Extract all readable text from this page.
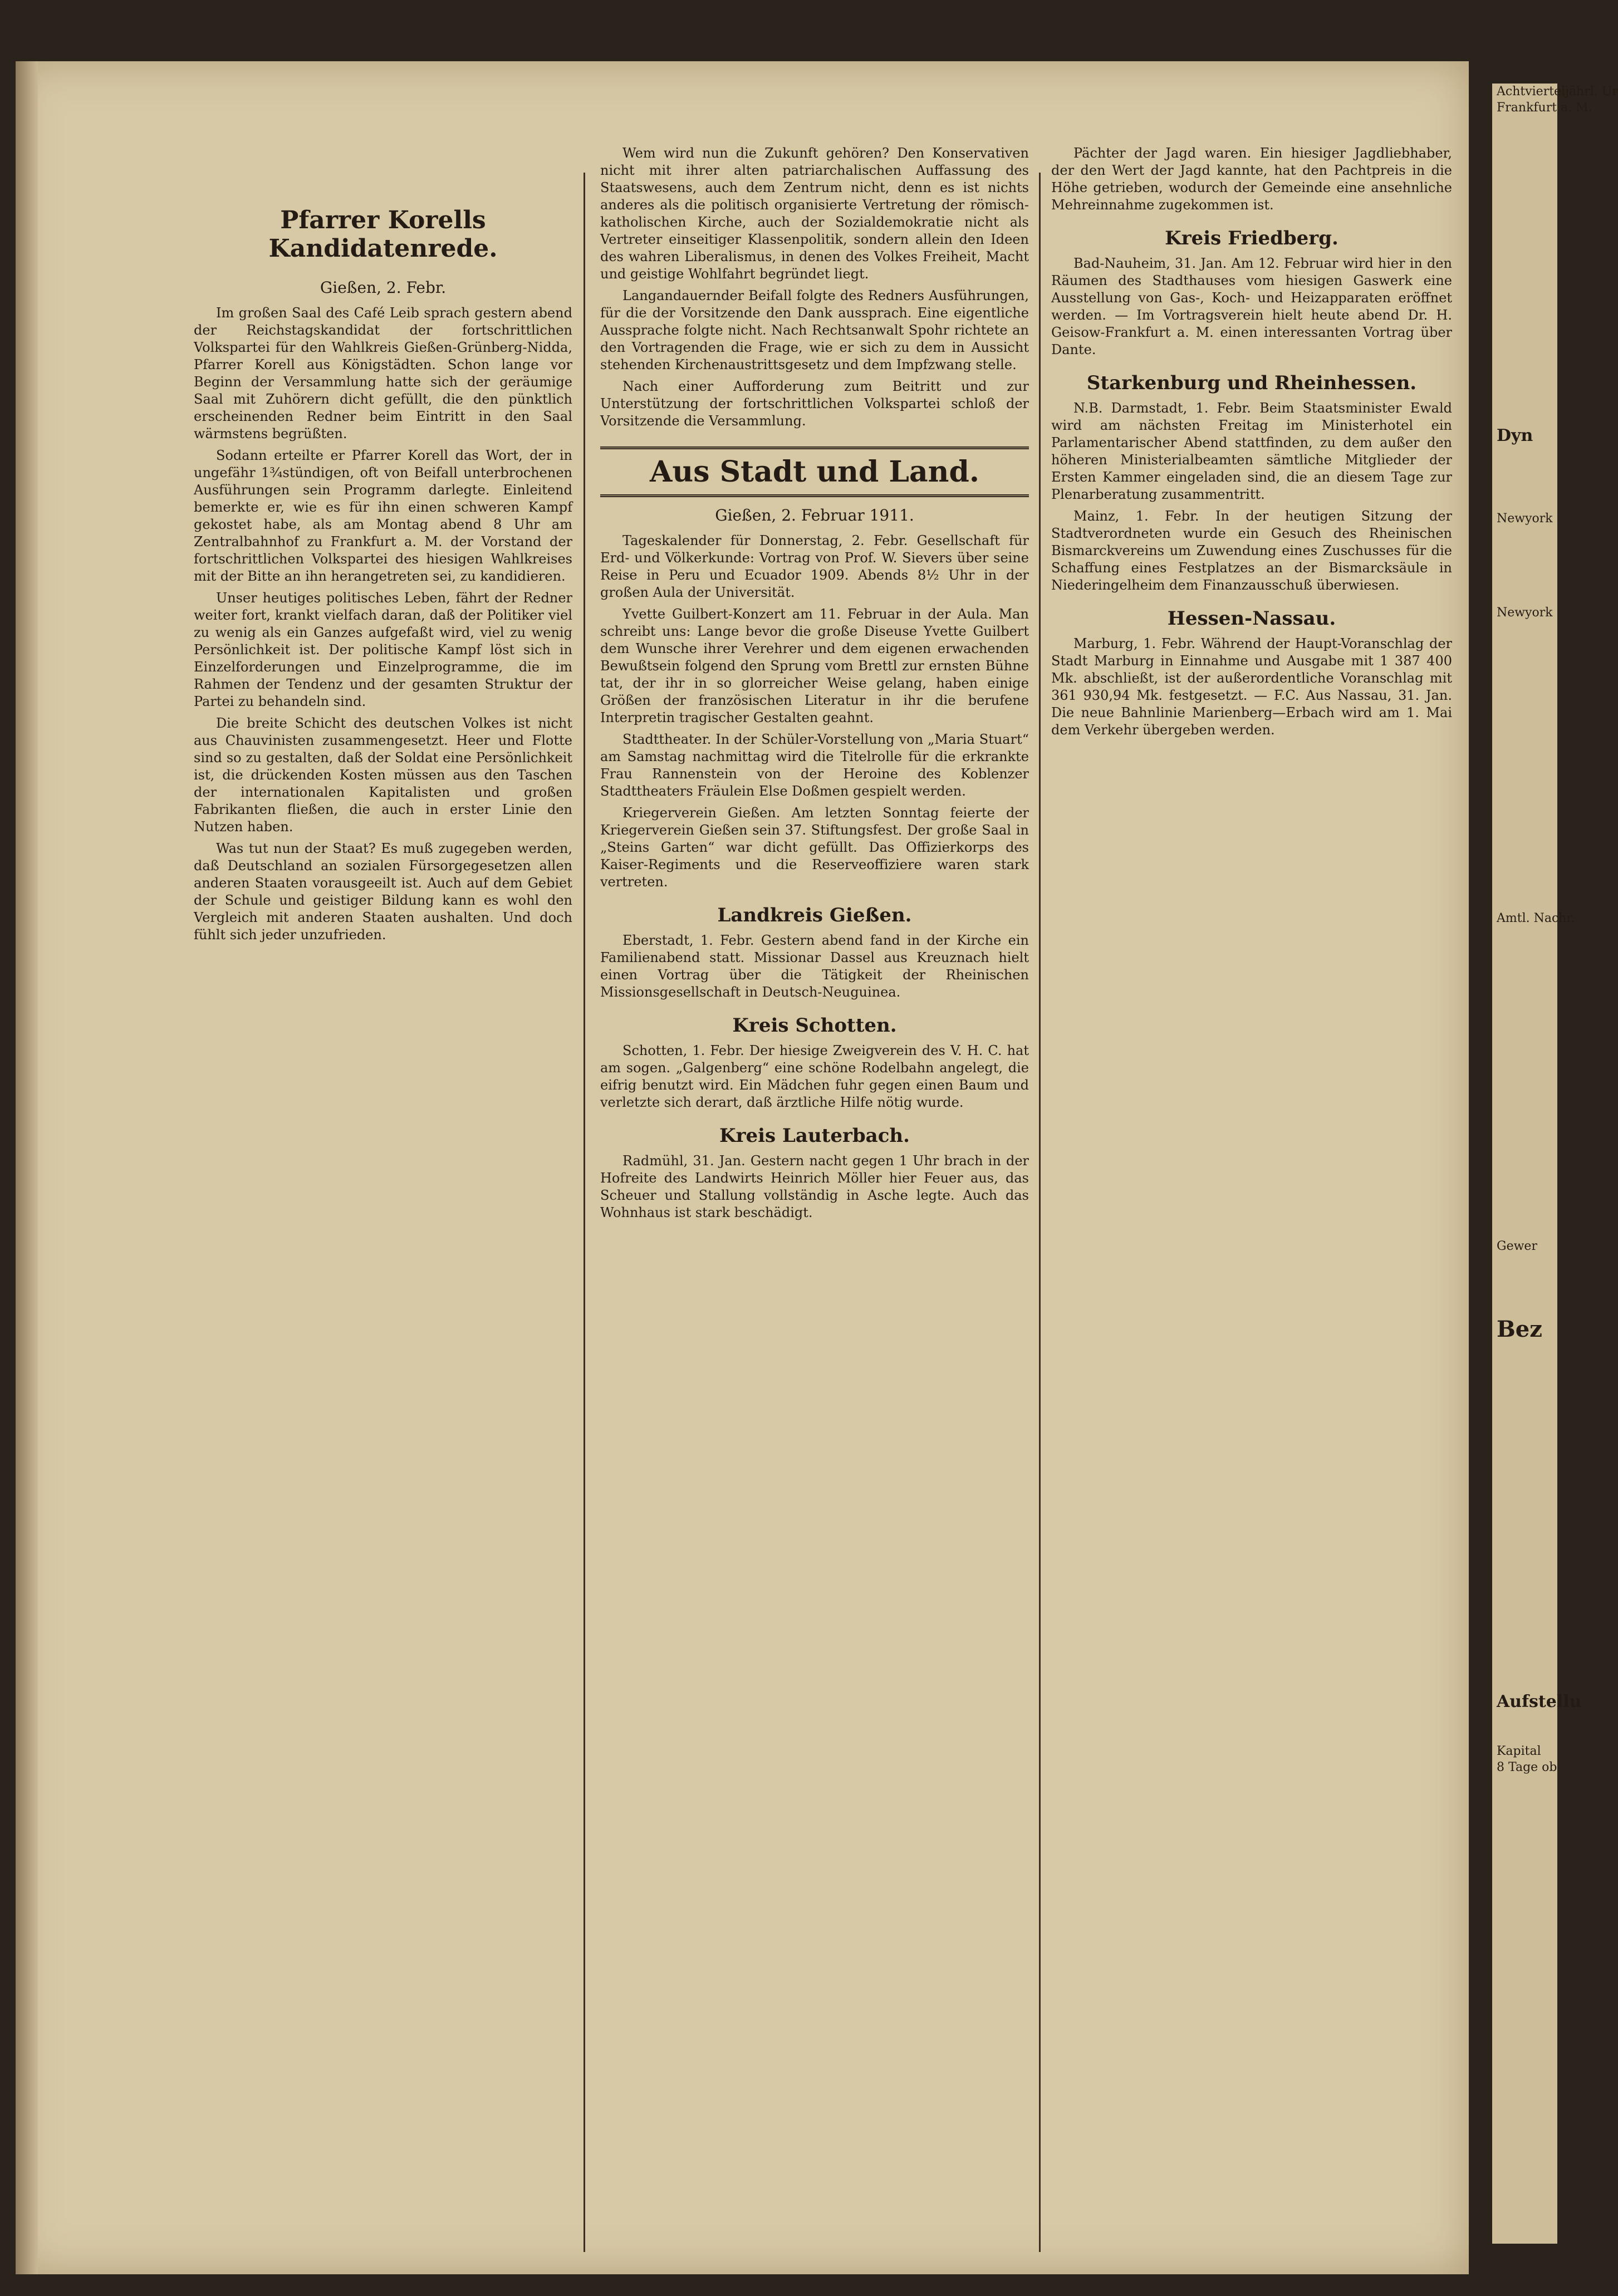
Pfarrer Korells Kandidatenrede.
Gießen, 2. Febr.

Im großen Saal des Café Leib sprach gestern abend der Reichstagskandidat der fortschrittlichen Volkspartei für den Wahlkreis Gießen-Grünberg-Nidda, Pfarrer Korell aus Königstädten. Schon lange vor Beginn der Versammlung hatte sich der geräumige Saal mit Zuhörern dicht gefüllt, die den pünktlich erscheinenden Redner beim Eintritt in den Saal wärmstens begrüßten.

Sodann erteilte er Pfarrer Korell das Wort, der in ungefähr 1¾stündigen, oft von Beifall unterbrochenen Ausführungen sein Programm darlegte. Einleitend bemerkte er, wie es für ihn einen schweren Kampf gekostet habe, als am Montag abend 8 Uhr am Zentralbahnhof zu Frankfurt a. M. der Vorstand der fortschrittlichen Volkspartei des hiesigen Wahlkreises mit der Bitte an ihn herangetreten sei, zu kandidieren.

Unser heutiges politisches Leben, fährt der Redner weiter fort, krankt vielfach daran, daß der Politiker viel zu wenig als ein Ganzes aufgefaßt wird, viel zu wenig Persönlichkeit ist. Der politische Kampf löst sich in Einzelforderungen und Einzelprogramme, die im Rahmen der Tendenz und der gesamten Struktur der Partei zu behandeln sind.

Die breite Schicht des deutschen Volkes ist nicht aus Chauvinisten zusammengesetzt. Heer und Flotte sind so zu gestalten, daß der Soldat eine Persönlichkeit ist, die drückenden Kosten müssen aus den Taschen der internationalen Kapitalisten und großen Fabrikanten fließen, die auch in erster Linie den Nutzen haben.

Was tut nun der Staat? Es muß zugegeben werden, daß Deutschland an sozialen Fürsorgegesetzen allen anderen Staaten vorausgeeilt ist. Auch auf dem Gebiet der Schule und geistiger Bildung kann es wohl den Vergleich mit anderen Staaten aushalten. Und doch fühlt sich jeder unzufrieden.

Wem wird nun die Zukunft gehören? Den Konservativen nicht mit ihrer alten patriarchalischen Auffassung des Staatswesens, auch dem Zentrum nicht, denn es ist nichts anderes als die politisch organisierte Vertretung der römisch-katholischen Kirche, auch der Sozialdemokratie nicht als Vertreter einseitiger Klassenpolitik, sondern allein den Ideen des wahren Liberalismus, in denen des Volkes Freiheit, Macht und geistige Wohlfahrt begründet liegt.

Langandauernder Beifall folgte des Redners Ausführungen, für die der Vorsitzende den Dank aussprach. Eine eigentliche Aussprache folgte nicht. Nach Rechtsanwalt Spohr richtete an den Vortragenden die Frage, wie er sich zu dem in Aussicht stehenden Kirchenaustrittsgesetz und dem Impfzwang stelle.

Nach einer Aufforderung zum Beitritt und zur Unterstützung der fortschrittlichen Volkspartei schloß der Vorsitzende die Versammlung.

Aus Stadt und Land.
Gießen, 2. Februar 1911.

Tageskalender für Donnerstag, 2. Febr. Gesellschaft für Erd- und Völkerkunde: Vortrag von Prof. W. Sievers über seine Reise in Peru und Ecuador 1909. Abends 8½ Uhr in der großen Aula der Universität.

Yvette Guilbert-Konzert am 11. Februar in der Aula. Man schreibt uns: Lange bevor die große Diseuse Yvette Guilbert dem Wunsche ihrer Verehrer und dem eigenen erwachenden Bewußtsein folgend den Sprung vom Brettl zur ernsten Bühne tat, der ihr in so glorreicher Weise gelang, haben einige Größen der französischen Literatur in ihr die berufene Interpretin tragischer Gestalten geahnt.

Stadttheater. In der Schüler-Vorstellung von „Maria Stuart“ am Samstag nachmittag wird die Titelrolle für die erkrankte Frau Rannenstein von der Heroine des Koblenzer Stadttheaters Fräulein Else Doßmen gespielt werden.

Kriegerverein Gießen. Am letzten Sonntag feierte der Kriegerverein Gießen sein 37. Stiftungsfest. Der große Saal in „Steins Garten“ war dicht gefüllt. Das Offizierkorps des Kaiser-Regiments und die Reserveoffiziere waren stark vertreten.

Landkreis Gießen.

Eberstadt, 1. Febr. Gestern abend fand in der Kirche ein Familienabend statt. Missionar Dassel aus Kreuznach hielt einen Vortrag über die Tätigkeit der Rheinischen Missionsgesellschaft in Deutsch-Neuguinea.

Kreis Schotten.

Schotten, 1. Febr. Der hiesige Zweigverein des V. H. C. hat am sogen. „Galgenberg“ eine schöne Rodelbahn angelegt, die eifrig benutzt wird. Ein Mädchen fuhr gegen einen Baum und verletzte sich derart, daß ärztliche Hilfe nötig wurde.

Kreis Lauterbach.

Radmühl, 31. Jan. Gestern nacht gegen 1 Uhr brach in der Hofreite des Landwirts Heinrich Möller hier Feuer aus, das Scheuer und Stallung vollständig in Asche legte. Auch das Wohnhaus ist stark beschädigt.

Pächter der Jagd waren. Ein hiesiger Jagdliebhaber, der den Wert der Jagd kannte, hat den Pachtpreis in die Höhe getrieben, wodurch der Gemeinde eine ansehnliche Mehreinnahme zugekommen ist.

Kreis Friedberg.

Bad-Nauheim, 31. Jan. Am 12. Februar wird hier in den Räumen des Stadthauses vom hiesigen Gaswerk eine Ausstellung von Gas-, Koch- und Heizapparaten eröffnet werden. — Im Vortragsverein hielt heute abend Dr. H. Geisow-Frankfurt a. M. einen interessanten Vortrag über Dante.

Starkenburg und Rheinhessen.

N.B. Darmstadt, 1. Febr. Beim Staatsminister Ewald wird am nächsten Freitag im Ministerhotel ein Parlamentarischer Abend stattfinden, zu dem außer den höheren Ministerialbeamten sämtliche Mitglieder der Ersten Kammer eingeladen sind, die an diesem Tage zur Plenarberatung zusammentritt.

Mainz, 1. Febr. In der heutigen Sitzung der Stadtverordneten wurde ein Gesuch des Rheinischen Bismarckvereins um Zuwendung eines Zuschusses für die Schaffung eines Festplatzes an der Bismarcksäule in Niederingelheim dem Finanzausschuß überwiesen.

Hessen-Nassau.

Marburg, 1. Febr. Während der Haupt-Voranschlag der Stadt Marburg in Einnahme und Ausgabe mit 1 387 400 Mk. abschließt, ist der außerordentliche Voranschlag mit 361 930,94 Mk. festgesetzt. — F.C. Aus Nassau, 31. Jan. Die neue Bahnlinie Marienberg—Erbach wird am 1. Mai dem Verkehr übergeben werden.

Achtvierteljährl. Ur
Frankfurt a. M.
Dyn
Newyork
Newyork
Amtl. Nachr.
Gewer
Bez
Aufstellu
Kapital
8 Tage ob
